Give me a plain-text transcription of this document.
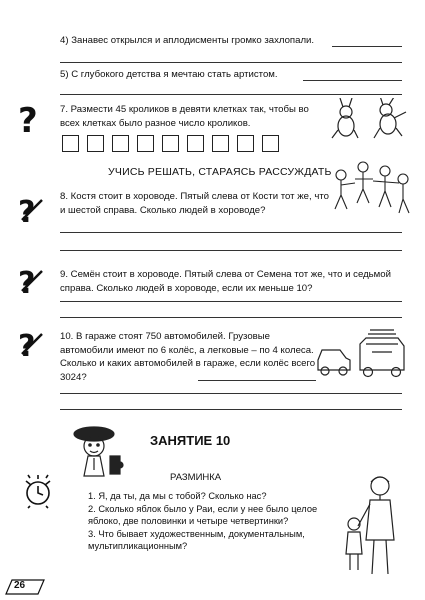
4) Занавес открылся и аплодисменты громко захлопали.
5) С глубокого детства я мечтаю стать артистом.
? 7. Размести 45 кроликов в девяти клетках так, чтобы во всех клетках было разное число кроликов.
УЧИСЬ РЕШАТЬ, СТАРАЯСЬ РАССУЖДАТЬ
?	8. Костя стоит в хороводе. Пятый слева от Кости тот же, что и шестой справа. Сколько людей в хороводе?
?	9. Семён стоит в хороводе. Пятый слева от Семена тот же, что и седьмой справа. Сколько людей в хороводе, если их меньше 10?
?	10. В гараже стоят 750 автомобилей. Грузовые автомобили имеют по 6 колёс, а легковые – по 4 колеса. Сколько и каких автомобилей в гараже, если колёс всего 3024?
ЗАНЯТИЕ 10
РАЗМИНКА
1. Я, да ты, да мы с тобой? Сколько нас?
2. Сколько яблок было у Раи, если у нее было целое яблоко, две половинки и четыре четвертинки?
3. Что бывает художественным, документальным, мультипликационным?
26
